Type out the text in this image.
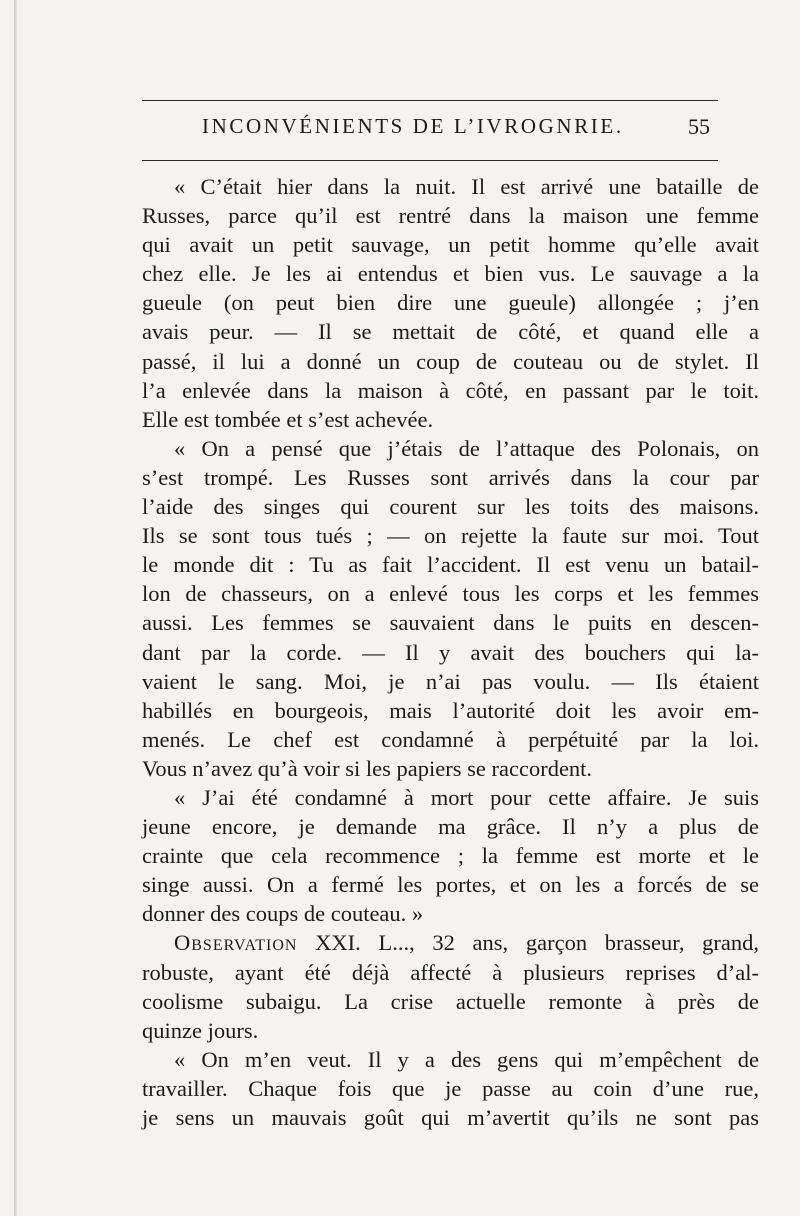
INCONVÉNIENTS DE L’IVROGNRIE.	55
« C’était hier dans la nuit. Il est arrivé une bataille de
Russes, parce qu’il est rentré dans la maison une femme
qui avait un petit sauvage, un petit homme qu’elle avait
chez elle. Je les ai entendus et bien vus. Le sauvage a la
gueule (on peut bien dire une gueule) allongée ; j’en
avais peur. — Il se mettait de côté, et quand elle a
passé, il lui a donné un coup de couteau ou de stylet. Il
l’a enlevée dans la maison à côté, en passant par le toit.
Elle est tombée et s’est achevée.
« On a pensé que j’étais de l’attaque des Polonais, on
s’est trompé. Les Russes sont arrivés dans la cour par
l’aide des singes qui courent sur les toits des maisons.
Ils se sont tous tués ; — on rejette la faute sur moi. Tout
le monde dit : Tu as fait l’accident. Il est venu un batail-
lon de chasseurs, on a enlevé tous les corps et les femmes
aussi. Les femmes se sauvaient dans le puits en descen-
dant par la corde. — Il y avait des bouchers qui la-
vaient le sang. Moi, je n’ai pas voulu. — Ils étaient
habillés en bourgeois, mais l’autorité doit les avoir em-
menés. Le chef est condamné à perpétuité par la loi.
Vous n’avez qu’à voir si les papiers se raccordent.
« J’ai été condamné à mort pour cette affaire. Je suis
jeune encore, je demande ma grâce. Il n’y a plus de
crainte que cela recommence ; la femme est morte et le
singe aussi. On a fermé les portes, et on les a forcés de se
donner des coups de couteau. »
Observation XXI. L..., 32 ans, garçon brasseur, grand,
robuste, ayant été déjà affecté à plusieurs reprises d’al-
coolisme subaigu. La crise actuelle remonte à près de
quinze jours.
« On m’en veut. Il y a des gens qui m’empêchent de
travailler. Chaque fois que je passe au coin d’une rue,
je sens un mauvais goût qui m’avertit qu’ils ne sont pas
